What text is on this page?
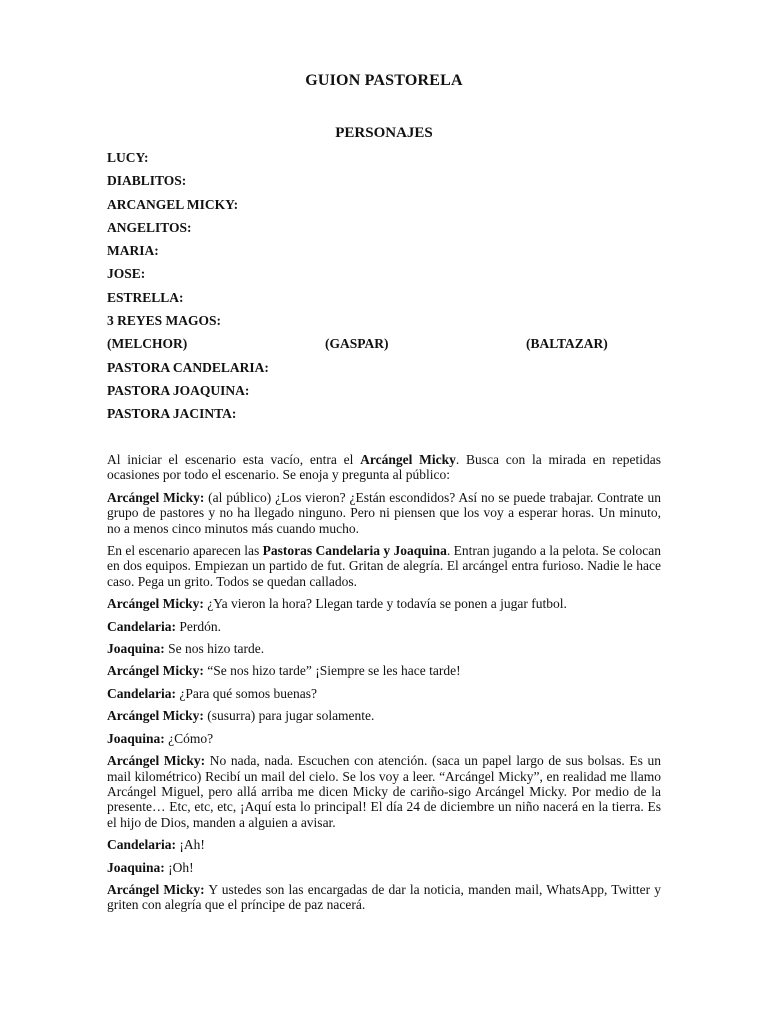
GUION PASTORELA
PERSONAJES
LUCY:
DIABLITOS:
ARCANGEL MICKY:
ANGELITOS:
MARIA:
JOSE:
ESTRELLA:
3 REYES MAGOS:
(MELCHOR)	(GASPAR)	(BALTAZAR)
PASTORA CANDELARIA:
PASTORA JOAQUINA:
PASTORA JACINTA:

Al iniciar el escenario esta vacío, entra el Arcángel Micky. Busca con la mirada en repetidas ocasiones por todo el escenario. Se enoja y pregunta al público:

Arcángel Micky: (al público) ¿Los vieron? ¿Están escondidos? Así no se puede trabajar. Contrate un grupo de pastores y no ha llegado ninguno. Pero ni piensen que los voy a esperar horas. Un minuto, no a menos cinco minutos más cuando mucho.

En el escenario aparecen las Pastoras Candelaria y Joaquina. Entran jugando a la pelota. Se colocan en dos equipos. Empiezan un partido de fut. Gritan de alegría. El arcángel entra furioso. Nadie le hace caso. Pega un grito. Todos se quedan callados.

Arcángel Micky: ¿Ya vieron la hora? Llegan tarde y todavía se ponen a jugar futbol.

Candelaria: Perdón.

Joaquina: Se nos hizo tarde.

Arcángel Micky: “Se nos hizo tarde” ¡Siempre se les hace tarde!

Candelaria: ¿Para qué somos buenas?

Arcángel Micky: (susurra) para jugar solamente.

Joaquina: ¿Cómo?

Arcángel Micky: No nada, nada. Escuchen con atención. (saca un papel largo de sus bolsas. Es un mail kilométrico) Recibí un mail del cielo. Se los voy a leer. “Arcángel Micky”, en realidad me llamo Arcángel Miguel, pero allá arriba me dicen Micky de cariño-sigo Arcángel Micky. Por medio de la presente… Etc, etc, etc, ¡Aquí esta lo principal! El día 24 de diciembre un niño nacerá en la tierra. Es el hijo de Dios, manden a alguien a avisar.

Candelaria: ¡Ah!

Joaquina: ¡Oh!

Arcángel Micky: Y ustedes son las encargadas de dar la noticia, manden mail, WhatsApp, Twitter y griten con alegría que el príncipe de paz nacerá.
